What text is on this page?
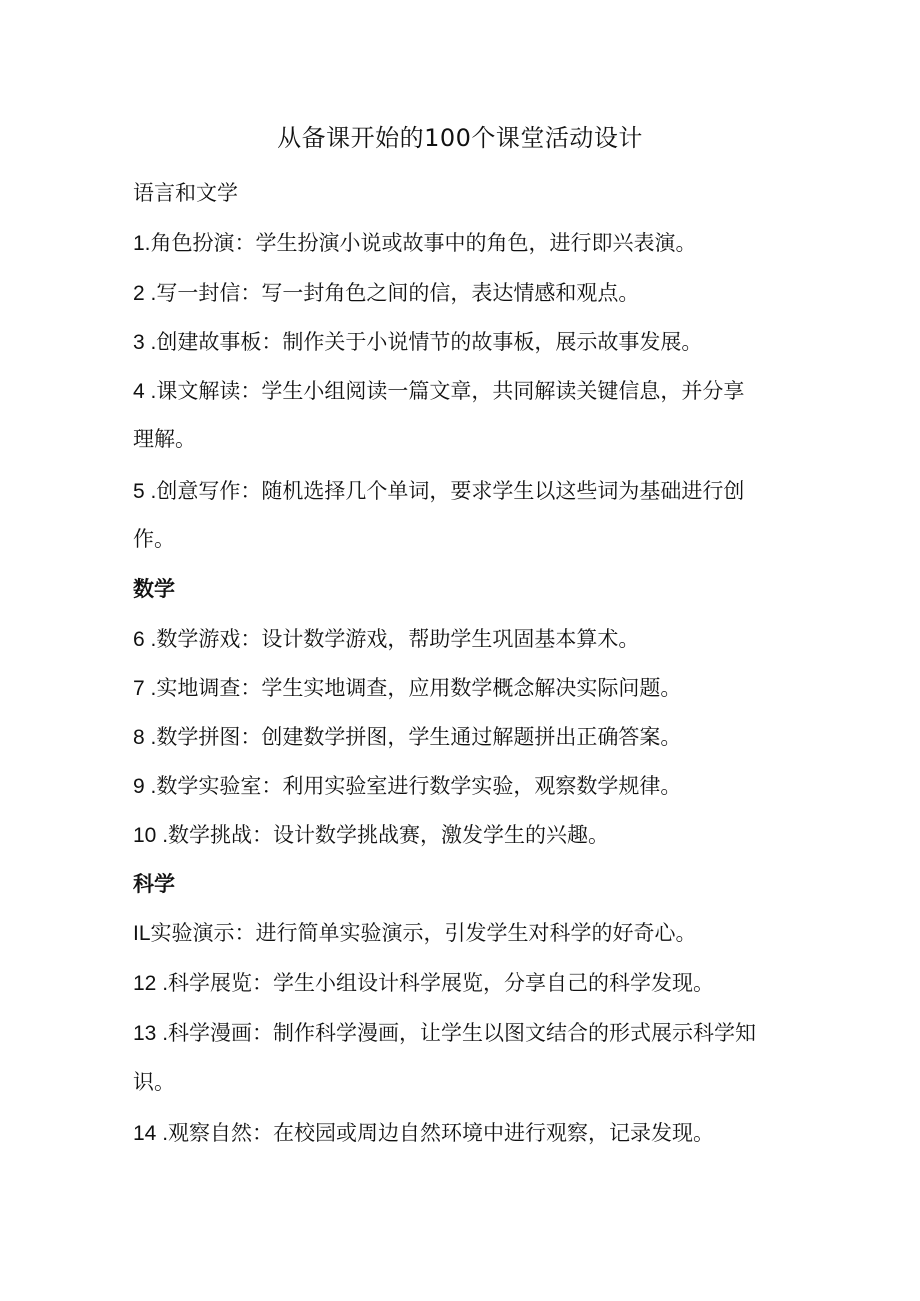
从备课开始的100个课堂活动设计
语言和文学
1.角色扮演：学生扮演小说或故事中的角色，进行即兴表演。
2 .写一封信：写一封角色之间的信，表达情感和观点。
3 .创建故事板：制作关于小说情节的故事板，展示故事发展。
4 .课文解读：学生小组阅读一篇文章，共同解读关键信息，并分享
理解。
5 .创意写作：随机选择几个单词，要求学生以这些词为基础进行创
作。
数学
6 .数学游戏：设计数学游戏，帮助学生巩固基本算术。
7 .实地调查：学生实地调查，应用数学概念解决实际问题。
8 .数学拼图：创建数学拼图，学生通过解题拼出正确答案。
9 .数学实验室：利用实验室进行数学实验，观察数学规律。
10 .数学挑战：设计数学挑战赛，激发学生的兴趣。
科学
IL实验演示：进行简单实验演示，引发学生对科学的好奇心。
12 .科学展览：学生小组设计科学展览，分享自己的科学发现。
13 .科学漫画：制作科学漫画，让学生以图文结合的形式展示科学知
识。
14 .观察自然：在校园或周边自然环境中进行观察，记录发现。
